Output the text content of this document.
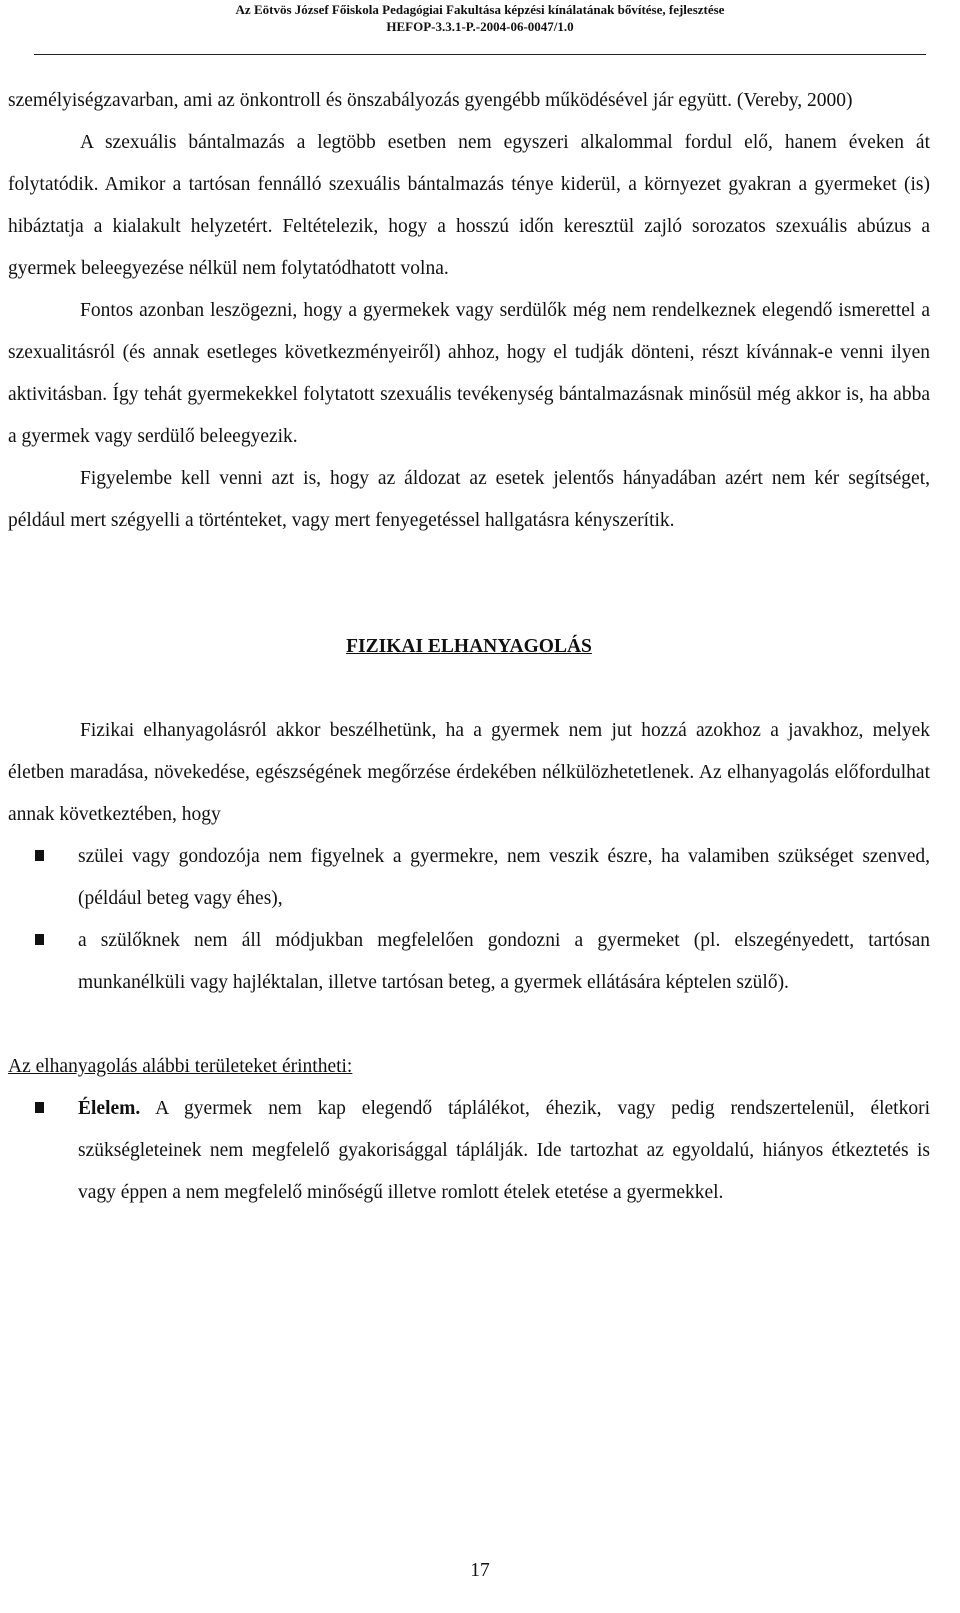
Az Eötvös József Főiskola Pedagógiai Fakultása képzési kínálatának bővítése, fejlesztése
HEFOP-3.3.1-P.-2004-06-0047/1.0

személyiségzavarban, ami az önkontroll és önszabályozás gyengébb működésével jár együtt. (Vereby, 2000)

A szexuális bántalmazás a legtöbb esetben nem egyszeri alkalommal fordul elő, hanem éveken át folytatódik. Amikor a tartósan fennálló szexuális bántalmazás ténye kiderül, a környezet gyakran a gyermeket (is) hibáztatja a kialakult helyzetért. Feltételezik, hogy a hosszú időn keresztül zajló sorozatos szexuális abúzus a gyermek beleegyezése nélkül nem folytatódhatott volna.

Fontos azonban leszögezni, hogy a gyermekek vagy serdülők még nem rendelkeznek elegendő ismerettel a szexualitásról (és annak esetleges következményeiről) ahhoz, hogy el tudják dönteni, részt kívánnak-e venni ilyen aktivitásban. Így tehát gyermekekkel folytatott szexuális tevékenység bántalmazásnak minősül még akkor is, ha abba a gyermek vagy serdülő beleegyezik.

Figyelembe kell venni azt is, hogy az áldozat az esetek jelentős hányadában azért nem kér segítséget, például mert szégyelli a történteket, vagy mert fenyegetéssel hallgatásra kényszerítik.

FIZIKAI ELHANYAGOLÁS

Fizikai elhanyagolásról akkor beszélhetünk, ha a gyermek nem jut hozzá azokhoz a javakhoz, melyek életben maradása, növekedése, egészségének megőrzése érdekében nélkülözhetetlenek. Az elhanyagolás előfordulhat annak következtében, hogy

szülei vagy gondozója nem figyelnek a gyermekre, nem veszik észre, ha valamiben szükséget szenved, (például beteg vagy éhes),
a szülőknek nem áll módjukban megfelelően gondozni a gyermeket (pl. elszegényedett, tartósan munkanélküli vagy hajléktalan, illetve tartósan beteg, a gyermek ellátására képtelen szülő).

Az elhanyagolás alábbi területeket érintheti:

Élelem. A gyermek nem kap elegendő táplálékot, éhezik, vagy pedig rendszertelenül, életkori szükségleteinek nem megfelelő gyakorisággal táplálják. Ide tartozhat az egyoldalú, hiányos étkeztetés is vagy éppen a nem megfelelő minőségű illetve romlott ételek etetése a gyermekkel.
17
